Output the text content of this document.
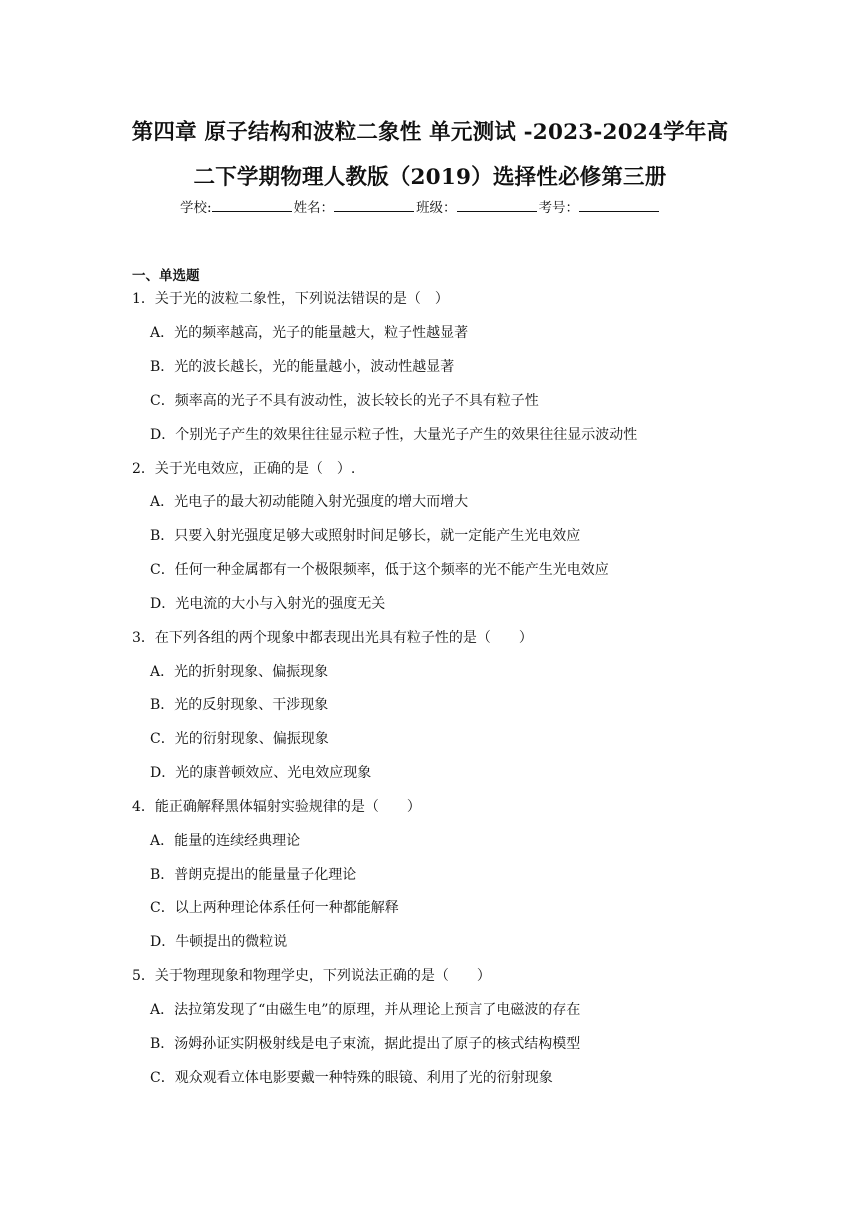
第四章 原子结构和波粒二象性 单元测试 -2023-2024学年高
二下学期物理人教版（2019）选择性必修第三册
学校:	姓名：	班级：	考号：
一、单选题
1．关于光的波粒二象性，下列说法错误的是（　）
A．光的频率越高，光子的能量越大，粒子性越显著
B．光的波长越长，光的能量越小，波动性越显著
C．频率高的光子不具有波动性，波长较长的光子不具有粒子性
D．个别光子产生的效果往往显示粒子性，大量光子产生的效果往往显示波动性
2．关于光电效应，正确的是（　）.
A．光电子的最大初动能随入射光强度的增大而增大
B．只要入射光强度足够大或照射时间足够长，就一定能产生光电效应
C．任何一种金属都有一个极限频率，低于这个频率的光不能产生光电效应
D．光电流的大小与入射光的强度无关
3．在下列各组的两个现象中都表现出光具有粒子性的是（　　）
A．光的折射现象、偏振现象
B．光的反射现象、干涉现象
C．光的衍射现象、偏振现象
D．光的康普顿效应、光电效应现象
4．能正确解释黑体辐射实验规律的是（　　）
A．能量的连续经典理论
B．普朗克提出的能量量子化理论
C．以上两种理论体系任何一种都能解释
D．牛顿提出的微粒说
5．关于物理现象和物理学史，下列说法正确的是（　　）
A．法拉第发现了“由磁生电”的原理，并从理论上预言了电磁波的存在
B．汤姆孙证实阴极射线是电子束流，据此提出了原子的核式结构模型
C．观众观看立体电影要戴一种特殊的眼镜、利用了光的衍射现象
